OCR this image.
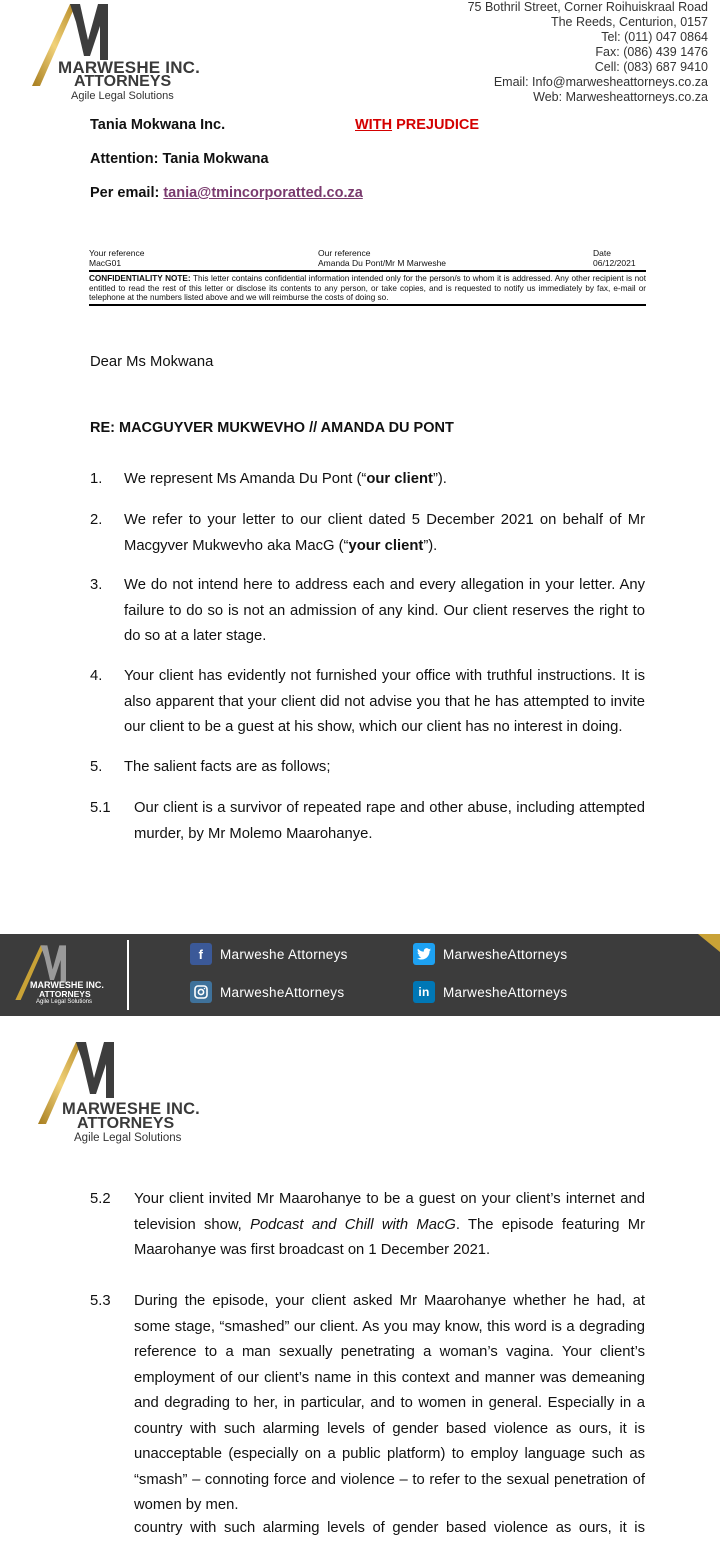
MARWESHE INC.
ATTORNEYS
Agile Legal Solutions
75 Bothril Street, Corner Roihuiskraal Road
The Reeds, Centurion, 0157
Tel: (011) 047 0864
Fax: (086) 439 1476
Cell: (083) 687 9410
Email: Info@marwesheattorneys.co.za
Web: Marwesheattorneys.co.za
Tania Mokwana Inc.	WITH PREJUDICE
Attention: Tania Mokwana
Per email: tania@tmincorporatted.co.za
Your reference
MacG01
Our reference
Amanda Du Pont/Mr M Marweshe
Date
06/12/2021
CONFIDENTIALITY NOTE: This letter contains confidential information intended only for the person/s to whom it is addressed. Any other recipient is not entitled to read the rest of this letter or disclose its contents to any person, or take copies, and is requested to notify us immediately by fax, e-mail or telephone at the numbers listed above and we will reimburse the costs of doing so.
Dear Ms Mokwana
RE: MACGUYVER MUKWEVHO // AMANDA DU PONT
1. We represent Ms Amanda Du Pont (“our client”).
2. We refer to your letter to our client dated 5 December 2021 on behalf of Mr Macgyver Mukwevho aka MacG (“your client”).
3. We do not intend here to address each and every allegation in your letter. Any failure to do so is not an admission of any kind. Our client reserves the right to do so at a later stage.
4. Your client has evidently not furnished your office with truthful instructions. It is also apparent that your client did not advise you that he has attempted to invite our client to be a guest at his show, which our client has no interest in doing.
5. The salient facts are as follows;
5.1 Our client is a survivor of repeated rape and other abuse, including attempted murder, by Mr Molemo Maarohanye.
MARWESHE INC.
ATTORNEYS
Agile Legal Solutions
f	Marweshe Attorneys	MarwesheAttorneys
MarwesheAttorneys	in MarwesheAttorneys
MARWESHE INC.
ATTORNEYS
Agile Legal Solutions
5.2 Your client invited Mr Maarohanye to be a guest on your client’s internet and television show, Podcast and Chill with MacG. The episode featuring Mr Maarohanye was first broadcast on 1 December 2021.
5.3 During the episode, your client asked Mr Maarohanye whether he had, at some stage, “smashed” our client. As you may know, this word is a degrading reference to a man sexually penetrating a woman’s vagina. Your client’s employment of our client’s name in this context and manner was demeaning and degrading to her, in particular, and to women in general. Especially in a country with such alarming levels of gender based violence as ours, it is unacceptable (especially on a public platform) to employ language such as “smash” – connoting force and violence – to refer to the sexual penetration of women by men.
country with such alarming levels of gender based violence as ours, it is
